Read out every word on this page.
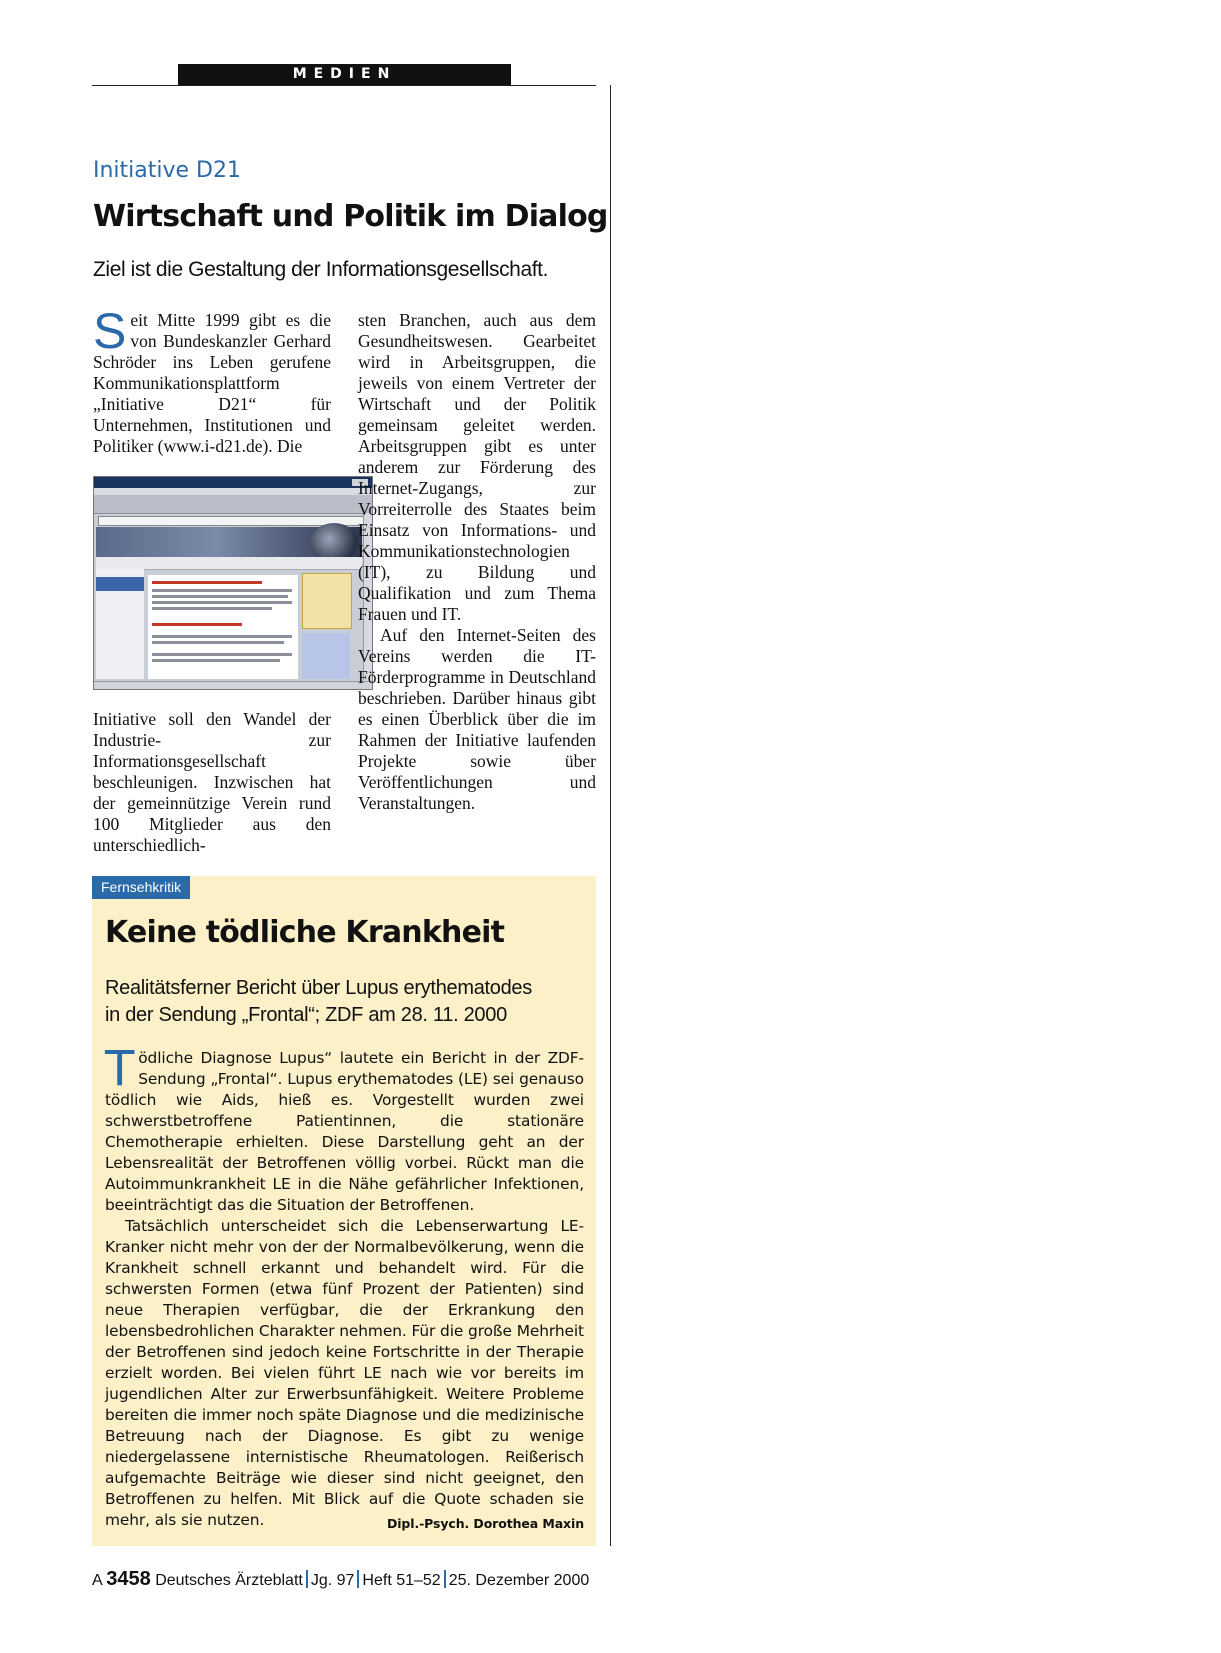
MEDIEN
Initiative D21
Wirtschaft und Politik im Dialog
Ziel ist die Gestaltung der Informationsgesellschaft.
Seit Mitte 1999 gibt es die von Bundeskanzler Gerhard Schröder ins Leben gerufene Kommunikationsplattform „Initiative D21“ für Unternehmen, Institutionen und Politiker (www.i-d21.de). Die
Initiative soll den Wandel der Industrie- zur Informationsgesellschaft beschleunigen. Inzwischen hat der gemeinnützige Verein rund 100 Mitglieder aus den unterschiedlich-
sten Branchen, auch aus dem Gesundheitswesen. Gearbeitet wird in Arbeitsgruppen, die jeweils von einem Vertreter der Wirtschaft und der Politik gemeinsam geleitet werden. Arbeitsgruppen gibt es unter anderem zur Förderung des Internet-Zugangs, zur Vorreiterrolle des Staates beim Einsatz von Informations- und Kommunikationstechnologien (IT), zu Bildung und Qualifikation und zum Thema Frauen und IT.
Auf den Internet-Seiten des Vereins werden die IT-Förderprogramme in Deutschland beschrieben. Darüber hinaus gibt es einen Überblick über die im Rahmen der Initiative laufenden Projekte sowie über Veröffentlichungen und Veranstaltungen.
Fernsehkritik
Keine tödliche Krankheit
Realitätsferner Bericht über Lupus erythematodes
in der Sendung „Frontal“; ZDF am 28. 11. 2000
Tödliche Diagnose Lupus“ lautete ein Bericht in der ZDF-Sendung „Frontal“. Lupus erythematodes (LE) sei genauso tödlich wie Aids, hieß es. Vorgestellt wurden zwei schwerstbetroffene Patientinnen, die stationäre Chemotherapie erhielten. Diese Darstellung geht an der Lebensrealität der Betroffenen völlig vorbei. Rückt man die Autoimmunkrankheit LE in die Nähe gefährlicher Infektionen, beeinträchtigt das die Situation der Betroffenen.
Tatsächlich unterscheidet sich die Lebenserwartung LE-Kranker nicht mehr von der der Normalbevölkerung, wenn die Krankheit schnell erkannt und behandelt wird. Für die schwersten Formen (etwa fünf Prozent der Patienten) sind neue Therapien verfügbar, die der Erkrankung den lebensbedrohlichen Charakter nehmen. Für die große Mehrheit der Betroffenen sind jedoch keine Fortschritte in der Therapie erzielt worden. Bei vielen führt LE nach wie vor bereits im jugendlichen Alter zur Erwerbsunfähigkeit. Weitere Probleme bereiten die immer noch späte Diagnose und die medizinische Betreuung nach der Diagnose. Es gibt zu wenige niedergelassene internistische Rheumatologen. Reißerisch aufgemachte Beiträge wie dieser sind nicht geeignet, den Betroffenen zu helfen. Mit Blick auf die Quote schaden sie mehr, als sie nutzen.	Dipl.-Psych. Dorothea Maxin
A 3458 Deutsches Ärzteblatt Jg. 97 Heft 51–52 25. Dezember 2000
